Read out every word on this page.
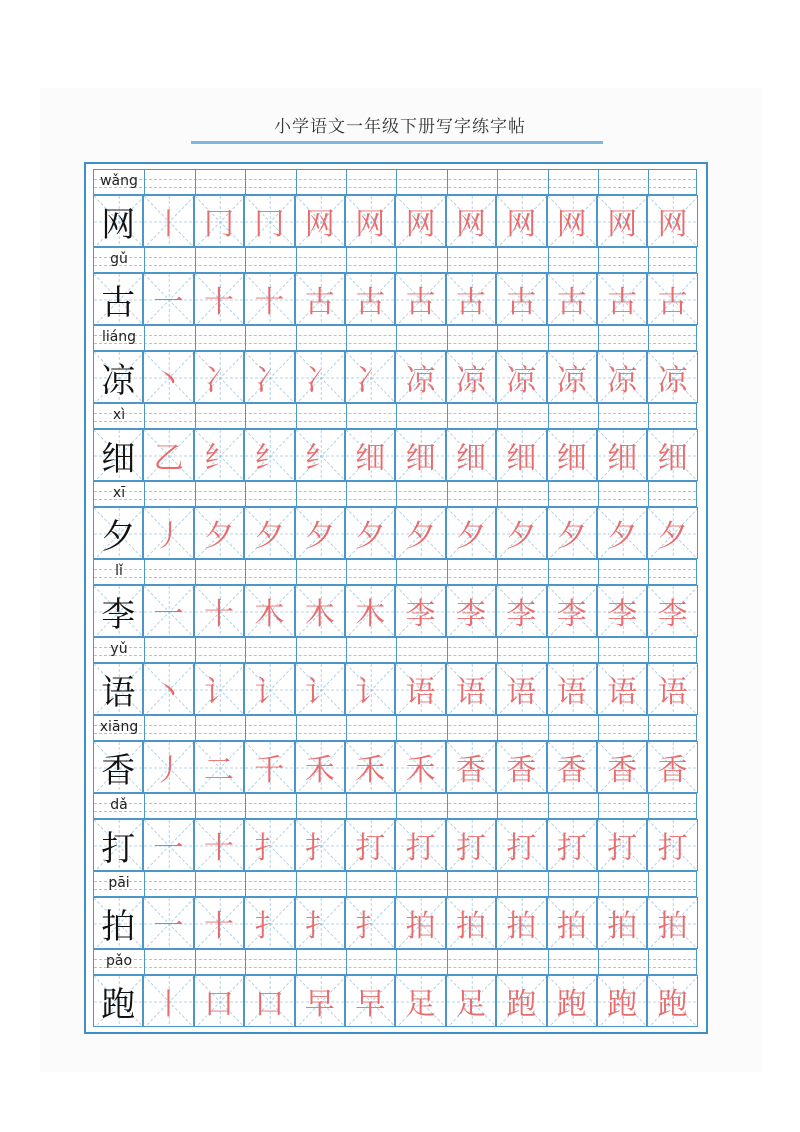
小学语文一年级下册写字练字帖
wǎng
网 丨 冂 冂 网 网 网 网 网 网 网 网
gǔ
古 一 十 十 古 古 古 古 古 古 古 古
liáng
凉 丶 冫 冫 冫 冫 凉 凉 凉 凉 凉 凉
xì
细 乙 纟 纟 纟 细 细 细 细 细 细 细
xī
夕 丿 夕 夕 夕 夕 夕 夕 夕 夕 夕 夕
lǐ
李 一 十 木 木 木 李 李 李 李 李 李
yǔ
语 丶 讠 讠 讠 讠 语 语 语 语 语 语
xiāng
香 丿 二 千 禾 禾 禾 香 香 香 香 香
dǎ
打 一 十 扌 扌 打 打 打 打 打 打 打
pāi
拍 一 十 扌 扌 扌 拍 拍 拍 拍 拍 拍
pǎo
跑 丨 口 口 早 早 足 足 跑 跑 跑 跑
